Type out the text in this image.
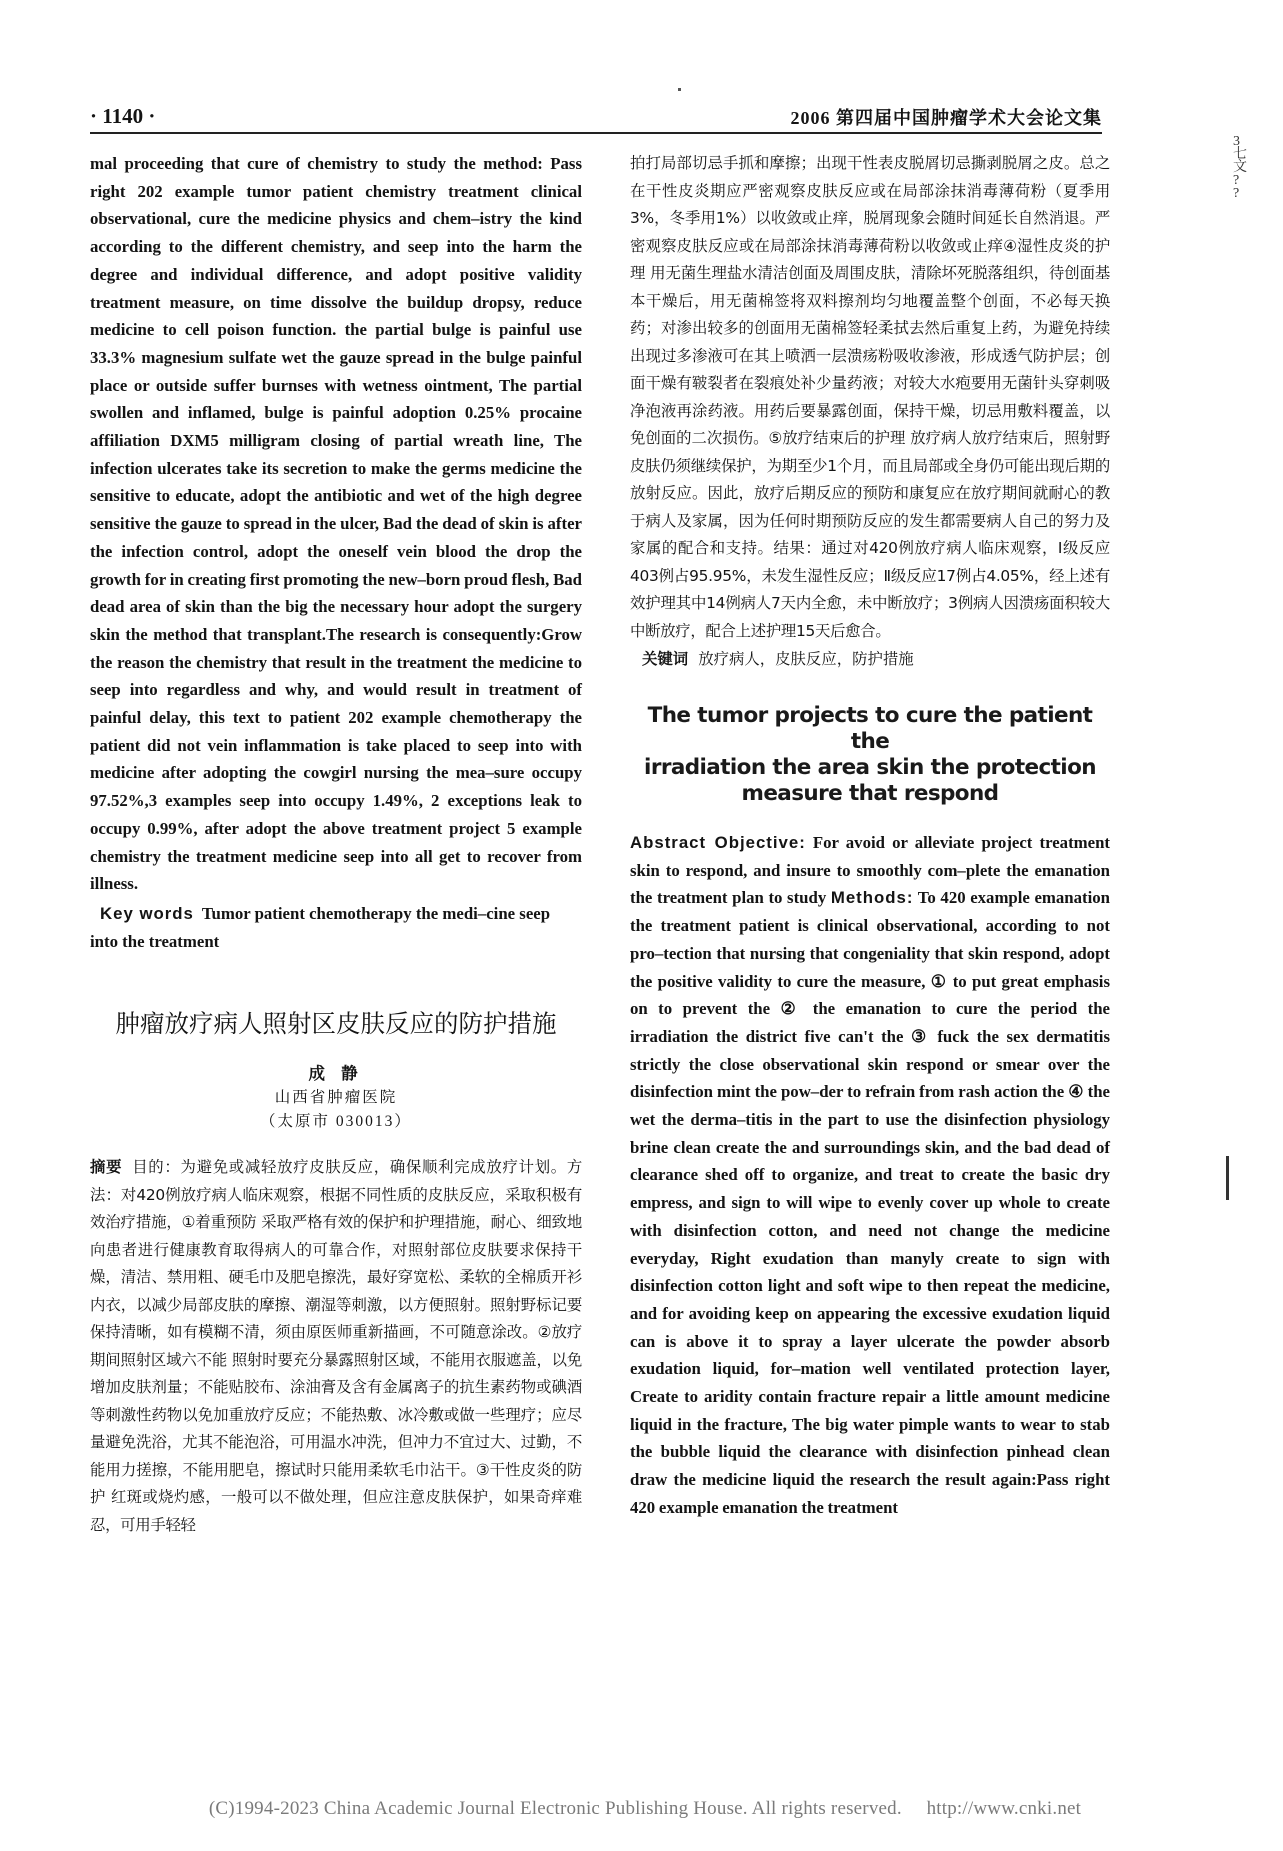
· 1140 ·	2006 第四届中国肿瘤学术大会论文集
3 七 文 ? ?

mal proceeding that cure of chemistry to study the method: Pass right 202 example tumor patient chemistry treatment clinical observational, cure the medicine physics and chem–istry the kind according to the different chemistry, and seep into the harm the degree and individual difference, and adopt positive validity treatment measure, on time dissolve the buildup dropsy, reduce medicine to cell poison function. the partial bulge is painful use 33.3% magnesium sulfate wet the gauze spread in the bulge painful place or outside suffer burnses with wetness ointment, The partial swollen and inflamed, bulge is painful adoption 0.25% procaine affiliation DXM5 milligram closing of partial wreath line, The infection ulcerates take its secretion to make the germs medicine the sensitive to educate, adopt the antibiotic and wet of the high degree sensitive the gauze to spread in the ulcer, Bad the dead of skin is after the infection control, adopt the oneself vein blood the drop the growth for in creating first promoting the new–born proud flesh, Bad dead area of skin than the big the necessary hour adopt the surgery skin the method that transplant.The research is consequently:Grow the reason the chemistry that result in the treatment the medicine to seep into regardless and why, and would result in treatment of painful delay, this text to patient 202 example chemotherapy the patient did not vein inflammation is take placed to seep into with medicine after adopting the cowgirl nursing the mea–sure occupy 97.52%,3 examples seep into occupy 1.49%, 2 exceptions leak to occupy 0.99%, after adopt the above treatment project 5 example chemistry the treatment medicine seep into all get to recover from illness.

Key words Tumor patient chemotherapy the medi–cine seep into the treatment

肿瘤放疗病人照射区皮肤反应的防护措施

成 静

山西省肿瘤医院

（太原市 030013）

摘要 目的：为避免或减轻放疗皮肤反应，确保顺利完成放疗计划。方法：对420例放疗病人临床观察，根据不同性质的皮肤反应，采取积极有效治疗措施，①着重预防 采取严格有效的保护和护理措施，耐心、细致地向患者进行健康教育取得病人的可靠合作，对照射部位皮肤要求保持干燥，清洁、禁用粗、硬毛巾及肥皂擦洗，最好穿宽松、柔软的全棉质开衫内衣，以减少局部皮肤的摩擦、潮湿等刺激，以方便照射。照射野标记要保持清晰，如有模糊不清，须由原医师重新描画，不可随意涂改。②放疗期间照射区域六不能 照射时要充分暴露照射区域，不能用衣服遮盖，以免增加皮肤剂量；不能贴胶布、涂油膏及含有金属离子的抗生素药物或碘酒等刺激性药物以免加重放疗反应；不能热敷、冰冷敷或做一些理疗；应尽量避免洗浴，尤其不能泡浴，可用温水冲洗，但冲力不宜过大、过勤，不能用力搓擦，不能用肥皂，擦试时只能用柔软毛巾沾干。③干性皮炎的防护 红斑或烧灼感，一般可以不做处理，但应注意皮肤保护，如果奇痒难忍，可用手轻轻

拍打局部切忌手抓和摩擦；出现干性表皮脱屑切忌撕剥脱屑之皮。总之在干性皮炎期应严密观察皮肤反应或在局部涂抹消毒薄荷粉（夏季用3%，冬季用1%）以收敛或止痒，脱屑现象会随时间延长自然消退。严密观察皮肤反应或在局部涂抹消毒薄荷粉以收敛或止痒④湿性皮炎的护理 用无菌生理盐水清洁创面及周围皮肤，清除坏死脱落组织，待创面基本干燥后，用无菌棉签将双料擦剂均匀地覆盖整个创面，不必每天换药；对渗出较多的创面用无菌棉签轻柔拭去然后重复上药，为避免持续出现过多渗液可在其上喷洒一层溃疡粉吸收渗液，形成透气防护层；创面干燥有皲裂者在裂痕处补少量药液；对较大水疱要用无菌针头穿刺吸净泡液再涂药液。用药后要暴露创面，保持干燥，切忌用敷料覆盖，以免创面的二次损伤。⑤放疗结束后的护理 放疗病人放疗结束后，照射野皮肤仍须继续保护，为期至少1个月，而且局部或全身仍可能出现后期的放射反应。因此，放疗后期反应的预防和康复应在放疗期间就耐心的教于病人及家属，因为任何时期预防反应的发生都需要病人自己的努力及家属的配合和支持。结果：通过对420例放疗病人临床观察，Ⅰ级反应403例占95.95%，未发生湿性反应；Ⅱ级反应17例占4.05%，经上述有效护理其中14例病人7天内全愈，未中断放疗；3例病人因溃疡面积较大中断放疗，配合上述护理15天后愈合。

关键词 放疗病人，皮肤反应，防护措施

The tumor projects to cure the patient the
irradiation the area skin the protection
measure that respond

Abstract Objective: For avoid or alleviate project treatment skin to respond, and insure to smoothly com–plete the emanation the treatment plan to study Methods: To 420 example emanation the treatment patient is clinical observational, according to not pro–tection that nursing that congeniality that skin respond, adopt the positive validity to cure the measure, ① to put great emphasis on to prevent the ② the emanation to cure the period the irradiation the district five can't the ③ fuck the sex dermatitis strictly the close observational skin respond or smear over the disinfection mint the pow–der to refrain from rash action the ④ the wet the derma–titis in the part to use the disinfection physiology brine clean create the and surroundings skin, and the bad dead of clearance shed off to organize, and treat to create the basic dry empress, and sign to will wipe to evenly cover up whole to create with disinfection cotton, and need not change the medicine everyday, Right exudation than manyly create to sign with disinfection cotton light and soft wipe to then repeat the medicine, and for avoiding keep on appearing the excessive exudation liquid can is above it to spray a layer ulcerate the powder absorb exudation liquid, for–mation well ventilated protection layer, Create to aridity contain fracture repair a little amount medicine liquid in the fracture, The big water pimple wants to wear to stab the bubble liquid the clearance with disinfection pinhead clean draw the medicine liquid the research the result again:Pass right 420 example emanation the treatment

(C)1994-2023 China Academic Journal Electronic Publishing House. All rights reserved. http://www.cnki.net
